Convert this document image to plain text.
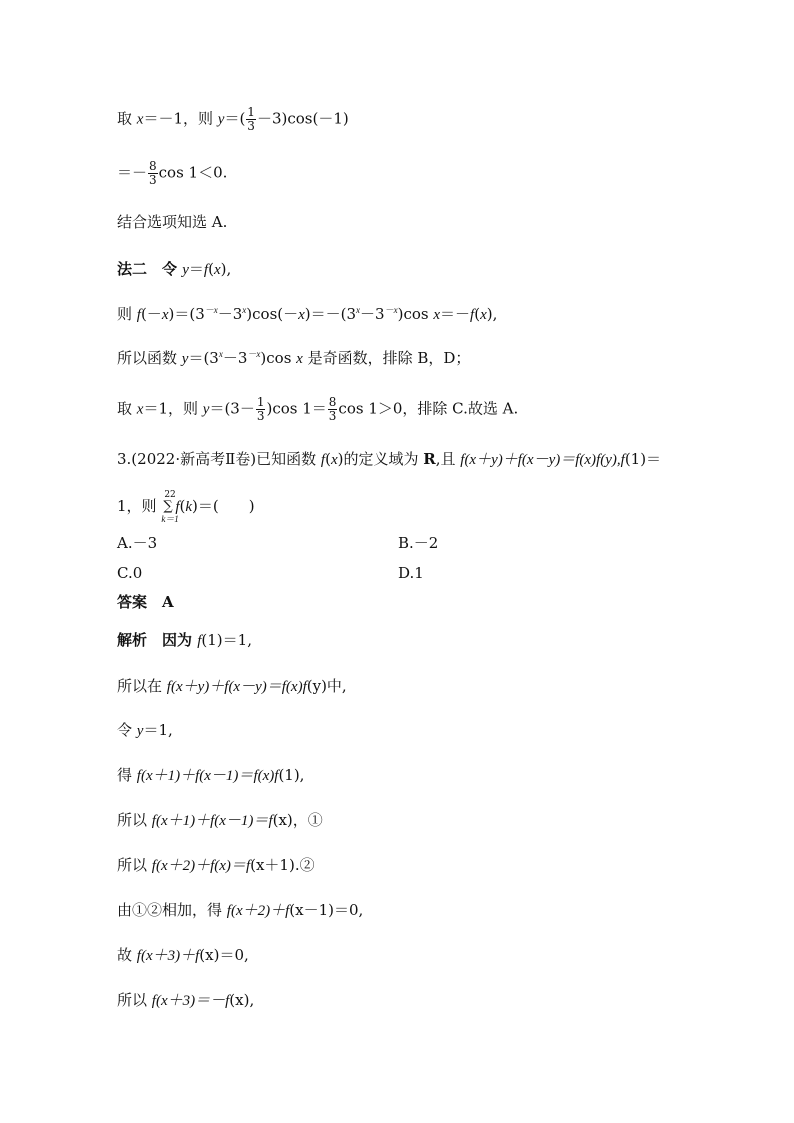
取 x＝－1，则 $y=( \frac{1}{3} -3)\cos(-1)$
＝－ $\frac{8}{3}$ cos 1＜0.
结合选项知选 A.
法二　令 y＝f(x),
则 $f(-x)=(3^{-x}-3^x)\cos(-x)=-(3^x-3^{-x})\cos$ x＝－f(x),
所以函数 $y=(3^x-3^{-x})\cos$ x 是奇函数，排除 B，D；
取 x＝1，则 $y=(3- \frac{1}{3} )\cos$ $1= \frac{8}{3}$ cos 1＞0，排除 C.故选 A.
3.(2022·新高考Ⅱ卷)已知函数 f(x)的定义域为 R,且 f(x＋y)＋f(x－y)＝f(x)f(y),f(1)＝
1，则
22
∑
k＝1
f(k)＝(　　)
A.－3	B.－2
C.0	D.1
答案　A
解析　因为 f(1)＝1,
所以在 f(x＋y)＋f(x－y)＝f(x)f(y)中,
令 y＝1,
得 f(x＋1)＋f(x－1)＝f(x)f(1),
所以 f(x＋1)＋f(x－1)＝f(x)，①
所以 f(x＋2)＋f(x)＝f(x＋1).②
由①②相加，得 f(x＋2)＋f(x－1)＝0,
故 f(x＋3)＋f(x)＝0,
所以 f(x＋3)＝－f(x),
